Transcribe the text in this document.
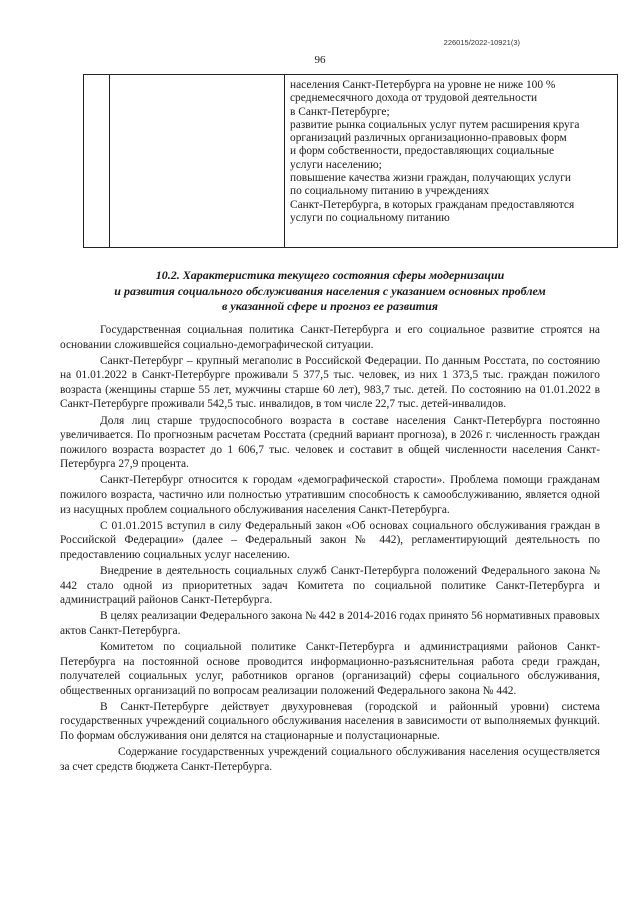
226015/2022-10921(3)
96
населения Санкт-Петербурга на уровне не ниже 100 %
среднемесячного дохода от трудовой деятельности
в Санкт-Петербурге;
развитие рынка социальных услуг путем расширения круга
организаций различных организационно-правовых форм
и форм собственности, предоставляющих социальные
услуги населению;
повышение качества жизни граждан, получающих услуги
по социальному питанию в учреждениях
Санкт-Петербурга, в которых гражданам предоставляются
услуги по социальному питанию
10.2. Характеристика текущего состояния сферы модернизации
и развития социального обслуживания населения с указанием основных проблем
в указанной сфере и прогноз ее развития

Государственная социальная политика Санкт-Петербурга и его социальное развитие строятся на основании сложившейся социально-демографической ситуации.

Санкт-Петербург – крупный мегаполис в Российской Федерации. По данным Росстата, по состоянию на 01.01.2022 в Санкт-Петербурге проживали 5 377,5 тыс. человек, из них 1 373,5 тыс. граждан пожилого возраста (женщины старше 55 лет, мужчины старше 60 лет), 983,7 тыс. детей. По состоянию на 01.01.2022 в Санкт-Петербурге проживали 542,5 тыс. инвалидов, в том числе 22,7 тыс. детей-инвалидов.

Доля лиц старше трудоспособного возраста в составе населения Санкт-Петербурга постоянно увеличивается. По прогнозным расчетам Росстата (средний вариант прогноза), в 2026 г. численность граждан пожилого возраста возрастет до 1 606,7 тыс. человек и составит в общей численности населения Санкт-Петербурга 27,9 процента.

Санкт-Петербург относится к городам «демографической старости». Проблема помощи гражданам пожилого возраста, частично или полностью утратившим способность к самообслуживанию, является одной из насущных проблем социального обслуживания населения Санкт-Петербурга.

С 01.01.2015 вступил в силу Федеральный закон «Об основах социального обслуживания граждан в Российской Федерации» (далее – Федеральный закон № 442), регламентирующий деятельность по предоставлению социальных услуг населению.

Внедрение в деятельность социальных служб Санкт-Петербурга положений Федерального закона № 442 стало одной из приоритетных задач Комитета по социальной политике Санкт-Петербурга и администраций районов Санкт-Петербурга.

В целях реализации Федерального закона № 442 в 2014-2016 годах принято 56 нормативных правовых актов Санкт-Петербурга.

Комитетом по социальной политике Санкт-Петербурга и администрациями районов Санкт-Петербурга на постоянной основе проводится информационно-разъяснительная работа среди граждан, получателей социальных услуг, работников органов (организаций) сферы социального обслуживания, общественных организаций по вопросам реализации положений Федерального закона № 442.

В Санкт-Петербурге действует двухуровневая (городской и районный уровни) система государственных учреждений социального обслуживания населения в зависимости от выполняемых функций. По формам обслуживания они делятся на стационарные и полустационарные.

Содержание государственных учреждений социального обслуживания населения осуществляется за счет средств бюджета Санкт-Петербурга.
